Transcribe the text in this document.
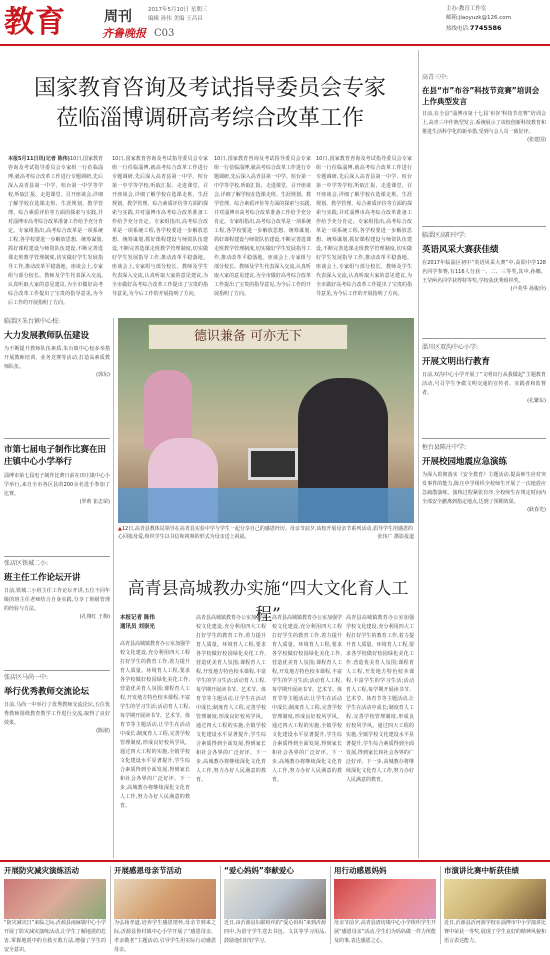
教育	周刊
齐鲁晚报 C03
2017年5月10日 星期三
编辑 孙伟 美编 王昌昌
主办:教育工作室
邮箱:jiaoyuzk@126.com
热线电话:7745586
国家教育咨询及考试指导委员会专家
莅临淄博调研高考综合改革工作
本报5月11日讯(记者 陈伟)10日,国家教育咨询及考试指导委员会专家组一行莅临淄博,就高考综合改革工作进行专题调研,先后深入高青县第一中学、桓台第一中学等学校,听取汇报、走进课堂、召开座谈会,详细了解学校在选课走班、生涯规划、教学管理、综合素质评价等方面的探索与实践,并对淄博市高考综合改革准备工作给予充分肯定。专家组指出,高考综合改革是一项系统工程,各学校要进一步解放思想、统筹谋划,抓好课程建设与师资队伍建设,不断完善选课走班教学管理制度,切实做好学生发展指导工作,推动改革平稳落地。座谈会上,专家组与部分校长、教师及学生代表深入交流,认真听取大家的意见建议,为全市做好高考综合改革工作提出了宝贵的指导意见,为今后工作的开展指明了方向。
10日,国家教育咨询及考试指导委员会专家组一行莅临淄博,就高考综合改革工作进行专题调研,先后深入高青县第一中学、桓台第一中学等学校,听取汇报、走进课堂、召开座谈会,详细了解学校在选课走班、生涯规划、教学管理、综合素质评价等方面的探索与实践,并对淄博市高考综合改革准备工作给予充分肯定。专家组指出,高考综合改革是一项系统工程,各学校要进一步解放思想、统筹谋划,抓好课程建设与师资队伍建设,不断完善选课走班教学管理制度,切实做好学生发展指导工作,推动改革平稳落地。座谈会上,专家组与部分校长、教师及学生代表深入交流,认真听取大家的意见建议,为全市做好高考综合改革工作提出了宝贵的指导意见,为今后工作的开展指明了方向。
10日,国家教育咨询及考试指导委员会专家组一行莅临淄博,就高考综合改革工作进行专题调研,先后深入高青县第一中学、桓台第一中学等学校,听取汇报、走进课堂、召开座谈会,详细了解学校在选课走班、生涯规划、教学管理、综合素质评价等方面的探索与实践,并对淄博市高考综合改革准备工作给予充分肯定。专家组指出,高考综合改革是一项系统工程,各学校要进一步解放思想、统筹谋划,抓好课程建设与师资队伍建设,不断完善选课走班教学管理制度,切实做好学生发展指导工作,推动改革平稳落地。座谈会上,专家组与部分校长、教师及学生代表深入交流,认真听取大家的意见建议,为全市做好高考综合改革工作提出了宝贵的指导意见,为今后工作的开展指明了方向。
10日,国家教育咨询及考试指导委员会专家组一行莅临淄博,就高考综合改革工作进行专题调研,先后深入高青县第一中学、桓台第一中学等学校,听取汇报、走进课堂、召开座谈会,详细了解学校在选课走班、生涯规划、教学管理、综合素质评价等方面的探索与实践,并对淄博市高考综合改革准备工作给予充分肯定。专家组指出,高考综合改革是一项系统工程,各学校要进一步解放思想、统筹谋划,抓好课程建设与师资队伍建设,不断完善选课走班教学管理制度,切实做好学生发展指导工作,推动改革平稳落地。座谈会上,专家组与部分校长、教师及学生代表深入交流,认真听取大家的意见建议,为全市做好高考综合改革工作提出了宝贵的指导意见,为今后工作的开展指明了方向。
临淄区朱台镇中心校:
大力发展教师队伍建设
为不断提升教师队伍素质,朱台镇中心校多举措开展教师培训、业务竞赛等活动,打造高素质教师队伍。
(郭东)
市第七届电子制作比赛在田庄镇中心小学举行
淄博市第七届电子制作比赛日前在田庄镇中心小学举行,来自全市各区县的200余名选手参加了比赛。
(罗莉 崔志荣)
张店区铁城二小:
班主任工作论坛开讲
日前,铁城二小班主任工作论坛开讲,五位不同年级的班主任老师结合自身实践,分享了班级管理的经验与方法。
(孔翔红 王梅)
张店区马尚一中:
举行优秀教师交流论坛
日前,马尚一中举行了优秀教师交流论坛,五位优秀教师围绕教育教学工作进行交流,取得了良好效果。
(陈淑)
德识兼备 可亦无下
▲12日,高青县教体局领导在高青县实验中学与学生一起分享自己的感恩经历。母亲节前夕,该校开展母亲节系列活动,倡导学生用感恩的心回报母爱,组织学生以书信和视频的形式为母亲送上祝福。	张伟广 摄影报道
高青县高城教办实施“四大文化育人工程”
本报记者 陈伟
通讯员 刘崇光
高青县高城镇教育办公室加强学校文化建设,充分利用四大工程打好学生的教育工作,着力提升育人质量。环境育人工程,要求各学校做好校园绿化美化工作,营造优美育人氛围;课程育人工程,开发地方特色校本课程,丰富学生的学习生活;活动育人工程,每学期开展读书节、艺术节、体育节等主题活动,让学生在活动中成长;制度育人工程,完善学校管理制度,形成良好校风学风。通过四大工程的实施,全镇学校文化建设水平显著提升,学生综合素质得到全面发展,得到家长和社会各界的广泛好评。下一步,高城教办将继续深化文化育人工作,努力办好人民满意的教育。
高青县高城镇教育办公室加强学校文化建设,充分利用四大工程打好学生的教育工作,着力提升育人质量。环境育人工程,要求各学校做好校园绿化美化工作,营造优美育人氛围;课程育人工程,开发地方特色校本课程,丰富学生的学习生活;活动育人工程,每学期开展读书节、艺术节、体育节等主题活动,让学生在活动中成长;制度育人工程,完善学校管理制度,形成良好校风学风。通过四大工程的实施,全镇学校文化建设水平显著提升,学生综合素质得到全面发展,得到家长和社会各界的广泛好评。下一步,高城教办将继续深化文化育人工作,努力办好人民满意的教育。
高青县高城镇教育办公室加强学校文化建设,充分利用四大工程打好学生的教育工作,着力提升育人质量。环境育人工程,要求各学校做好校园绿化美化工作,营造优美育人氛围;课程育人工程,开发地方特色校本课程,丰富学生的学习生活;活动育人工程,每学期开展读书节、艺术节、体育节等主题活动,让学生在活动中成长;制度育人工程,完善学校管理制度,形成良好校风学风。通过四大工程的实施,全镇学校文化建设水平显著提升,学生综合素质得到全面发展,得到家长和社会各界的广泛好评。下一步,高城教办将继续深化文化育人工作,努力办好人民满意的教育。
高青县高城镇教育办公室加强学校文化建设,充分利用四大工程打好学生的教育工作,着力提升育人质量。环境育人工程,要求各学校做好校园绿化美化工作,营造优美育人氛围;课程育人工程,开发地方特色校本课程,丰富学生的学习生活;活动育人工程,每学期开展读书节、艺术节、体育节等主题活动,让学生在活动中成长;制度育人工程,完善学校管理制度,形成良好校风学风。通过四大工程的实施,全镇学校文化建设水平显著提升,学生综合素质得到全面发展,得到家长和社会各界的广泛好评。下一步,高城教办将继续深化文化育人工作,努力办好人民满意的教育。
高青三中:
在县“市”布谷”科技节竞赛”培训会上作典型发言
日前,在全县“淄博市第十七届‘布谷’科技节竞赛”培训会上,高青三中作典型发言,系统展示了该校创新科技教育和推进生活科学化的新举措,受到与会人员一致好评。
(张建国)
临淄区高阳中学:
英语风采大赛获佳绩
在2017年临淄区初中“英语风采大赛”中,高阳中学128名同学参赛,有116人分获一、二、三等奖,其中,孙娜、王莹两名同学获得特等奖,学校获优秀组织奖。
(卢英华 孙俊玲)
淄川区双沟中心小学:
开展文明出行教育
日前,双沟中心小学开展了“文明出行从我做起”主题教育活动,号召学生争做文明交通的宣传者、实践者和监督者。
(孔繁东)
桓台县陈庄中学:
开展校园地震应急演练
为深入贯彻落实《安全教育》主题活动,提高师生应对突发事件的能力,陈庄中学组织全校师生开展了一次地震应急疏散演练。演练过程紧张有序,全校师生在规定时间内全部安全撤离到指定地点,达到了预期效果。
(耿春光)
开展防灾减灾演练活动
“防灾减灾日”来临之际,沂源县南麻镇中心小学开展了防灾减灾演练活动,让学生了解地震的危害,掌握地震中的自救互救方法,增强了学生的安全意识。
开展感恩母亲节活动
为弘扬孝道,培养学生感恩情怀,母亲节到来之际,沂源县鲁村镇中心小学开展了“感恩母亲、孝亲敬老”主题活动,引导学生用实际行动感恩母亲。
“爱心妈妈”奉献爱心
近日,由沂源县妇联组织的“爱心妈妈”来到沂源四中,为留守学生送去书包、文具等学习用品,鼓励他们好好学习。
用行动感恩妈妈
母亲节前夕,高青县唐坊镇中心小学组织学生开展“感恩母亲”活动,学生们为妈妈做一件力所能及的事,表达感恩之心。
市演讲比赛中斩获佳绩
近日,沂源县沂河源学校在淄博市中小学演讲比赛中荣获一等奖,展现了学生良好的精神风貌和语言表达能力。
